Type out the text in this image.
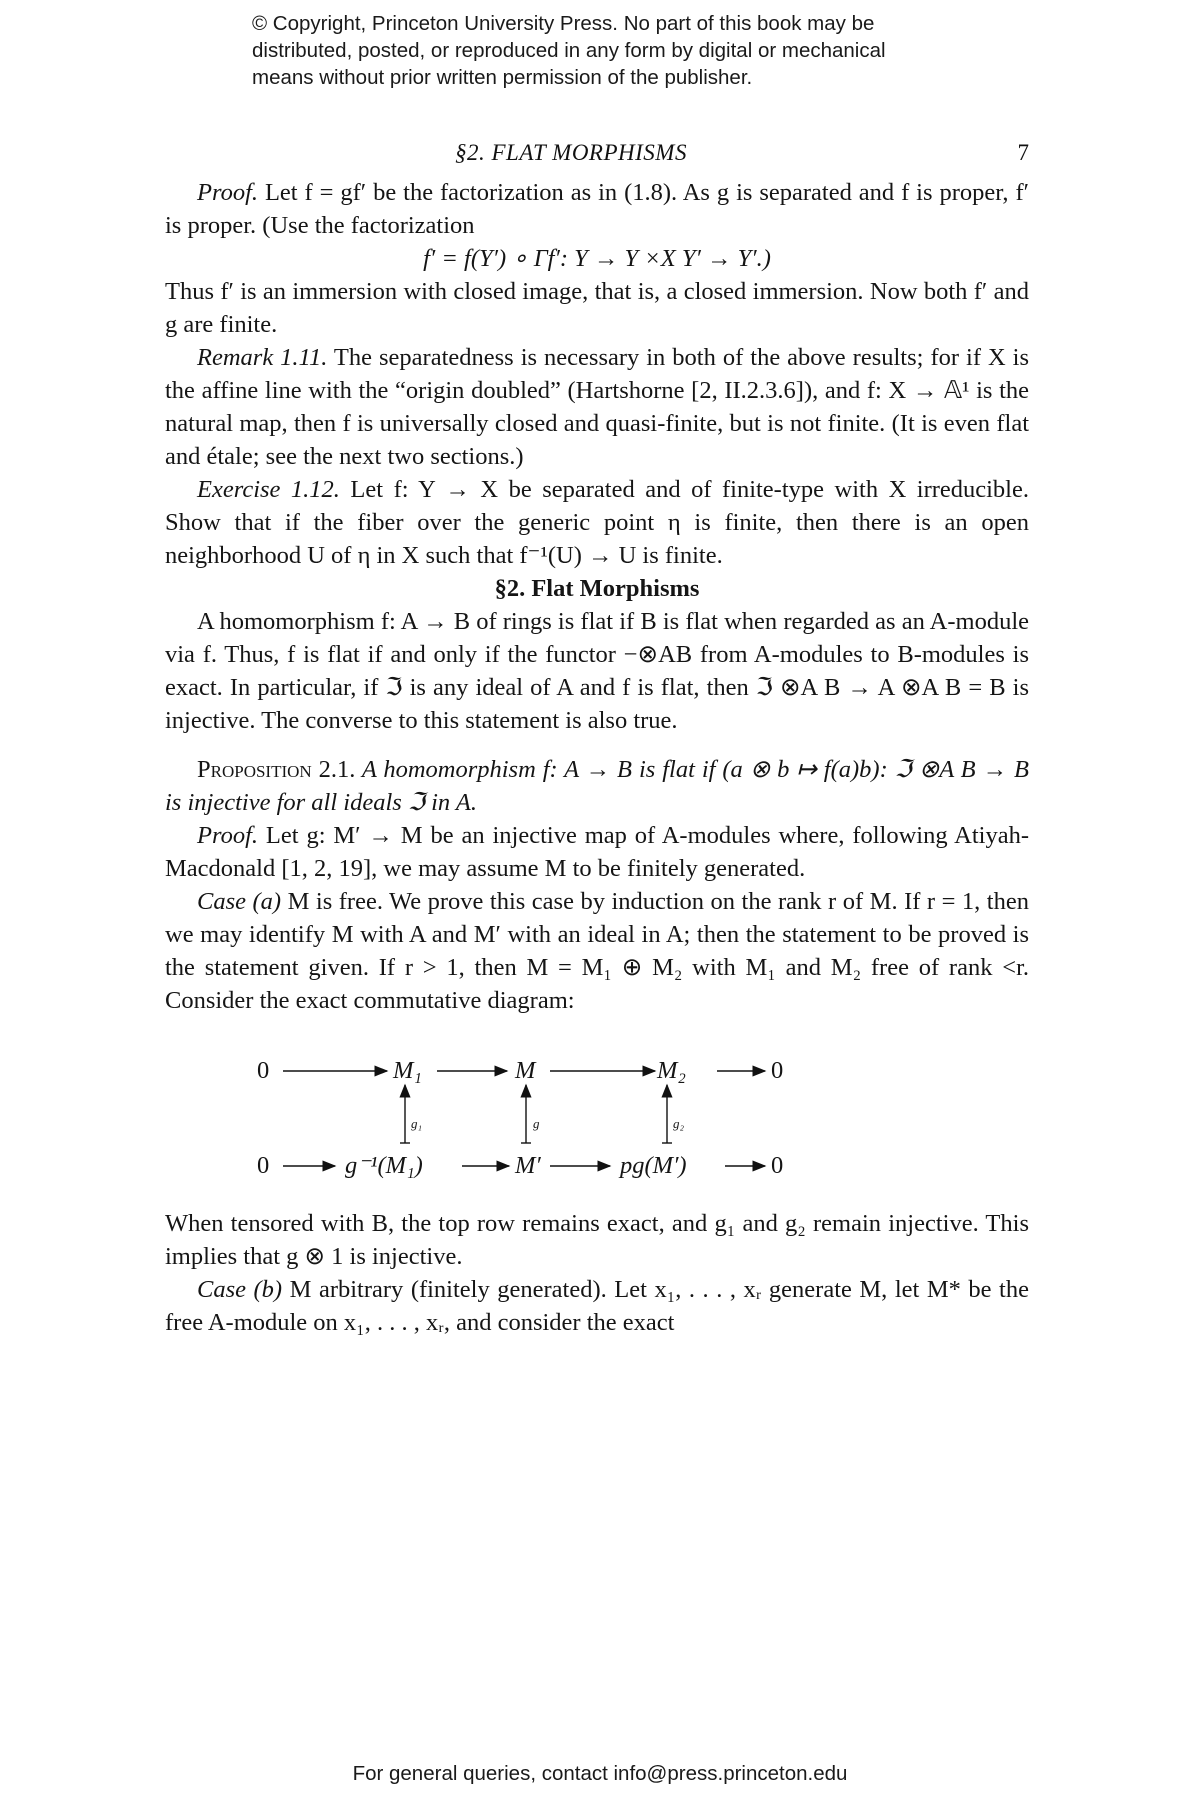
© Copyright, Princeton University Press. No part of this book may be
distributed, posted, or reproduced in any form by digital or mechanical
means without prior written permission of the publisher.
§2. FLAT MORPHISMS	7

Proof. Let f = gf′ be the factorization as in (1.8). As g is separated and f is proper, f′ is proper. (Use the factorization

f′ = f(Y′) ∘ Γf′: Y → Y ×X Y′ → Y′.)

Thus f′ is an immersion with closed image, that is, a closed immersion. Now both f′ and g are finite.

Remark 1.11. The separatedness is necessary in both of the above results; for if X is the affine line with the “origin doubled” (Hartshorne [2, II.2.3.6]), and f: X → 𝔸¹ is the natural map, then f is universally closed and quasi-finite, but is not finite. (It is even flat and étale; see the next two sections.)

Exercise 1.12. Let f: Y → X be separated and of finite-type with X irreducible. Show that if the fiber over the generic point η is finite, then there is an open neighborhood U of η in X such that f⁻¹(U) → U is finite.

§2. Flat Morphisms

A homomorphism f: A → B of rings is flat if B is flat when regarded as an A-module via f. Thus, f is flat if and only if the functor −⊗AB from A-modules to B-modules is exact. In particular, if ℑ is any ideal of A and f is flat, then ℑ ⊗A B → A ⊗A B = B is injective. The converse to this statement is also true.

Proposition 2.1. A homomorphism f: A → B is flat if (a ⊗ b ↦ f(a)b): ℑ ⊗A B → B is injective for all ideals ℑ in A.

Proof. Let g: M′ → M be an injective map of A-modules where, following Atiyah-Macdonald [1, 2, 19], we may assume M to be finitely generated.

Case (a) M is free. We prove this case by induction on the rank r of M. If r = 1, then we may identify M with A and M′ with an ideal in A; then the statement to be proved is the statement given. If r > 1, then M = M₁ ⊕ M₂ with M₁ and M₂ free of rank <r. Consider the exact commutative diagram:

0	M₁	M	M₂	0
g₁	g	g₂
0	g⁻¹(M₁)	M′	pg(M′)	0

When tensored with B, the top row remains exact, and g₁ and g₂ remain injective. This implies that g ⊗ 1 is injective.

Case (b) M arbitrary (finitely generated). Let x₁, . . . , xᵣ generate M, let M* be the free A-module on x₁, . . . , xᵣ, and consider the exact

For general queries, contact info@press.princeton.edu
